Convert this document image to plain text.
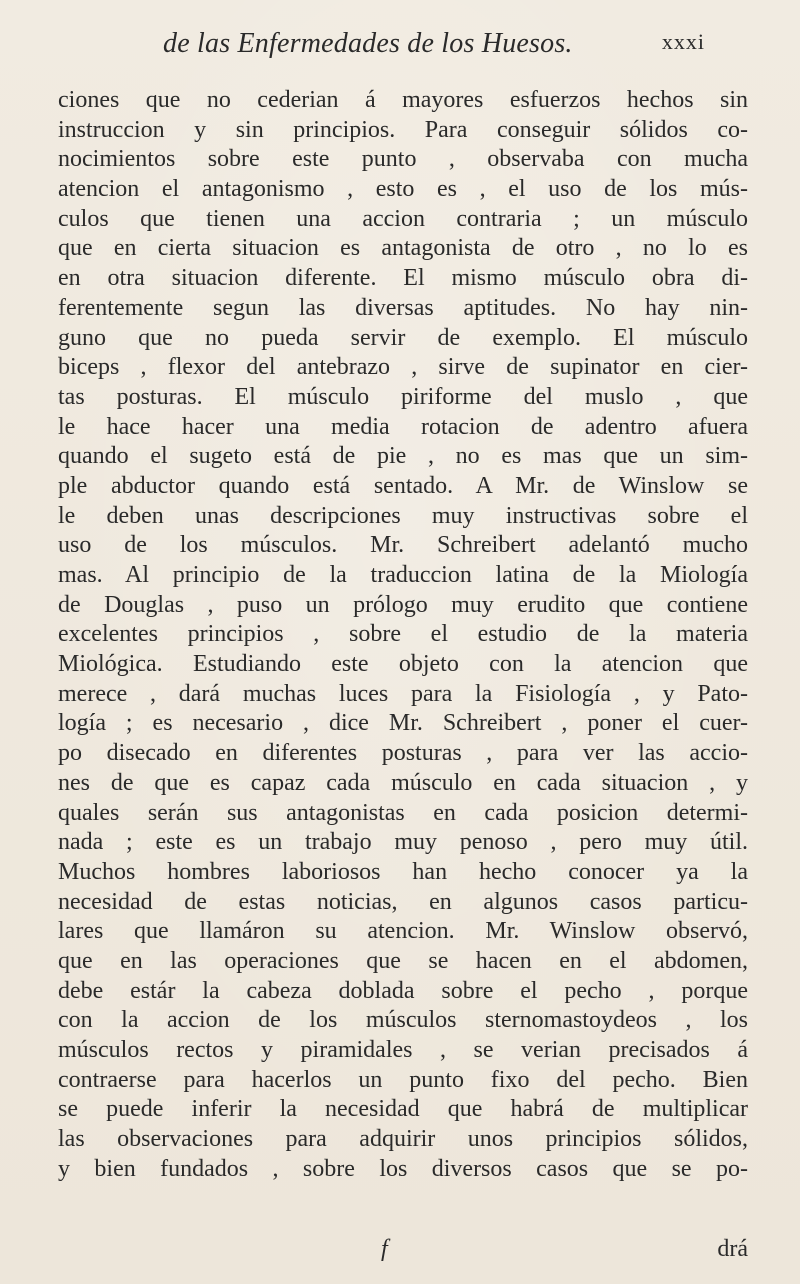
de las Enfermedades de los Huesos.	xxxi
ciones que no cederian á mayores esfuerzos hechos sin
instruccion y sin principios. Para conseguir sólidos co-
nocimientos sobre este punto , observaba con mucha
atencion el antagonismo , esto es , el uso de los mús-
culos que tienen una accion contraria ; un músculo
que en cierta situacion es antagonista de otro , no lo es
en otra situacion diferente. El mismo músculo obra di-
ferentemente segun las diversas aptitudes. No hay nin-
guno que no pueda servir de exemplo. El músculo
biceps , flexor del antebrazo , sirve de supinator en cier-
tas posturas. El músculo piriforme del muslo , que
le hace hacer una media rotacion de adentro afuera
quando el sugeto está de pie , no es mas que un sim-
ple abductor quando está sentado. A Mr. de Winslow se
le deben unas descripciones muy instructivas sobre el
uso de los músculos. Mr. Schreibert adelantó mucho
mas. Al principio de la traduccion latina de la Miología
de Douglas , puso un prólogo muy erudito que contiene
excelentes principios , sobre el estudio de la materia
Miológica. Estudiando este objeto con la atencion que
merece , dará muchas luces para la Fisiología , y Pato-
logía ; es necesario , dice Mr. Schreibert , poner el cuer-
po disecado en diferentes posturas , para ver las accio-
nes de que es capaz cada músculo en cada situacion , y
quales serán sus antagonistas en cada posicion determi-
nada ; este es un trabajo muy penoso , pero muy útil.
Muchos hombres laboriosos han hecho conocer ya la
necesidad de estas noticias, en algunos casos particu-
lares que llamáron su atencion. Mr. Winslow observó,
que en las operaciones que se hacen en el abdomen,
debe estár la cabeza doblada sobre el pecho , porque
con la accion de los músculos sternomastoydeos , los
músculos rectos y piramidales , se verian precisados á
contraerse para hacerlos un punto fixo del pecho. Bien
se puede inferir la necesidad que habrá de multiplicar
las observaciones para adquirir unos principios sólidos,
y bien fundados , sobre los diversos casos que se po-
f	drá
